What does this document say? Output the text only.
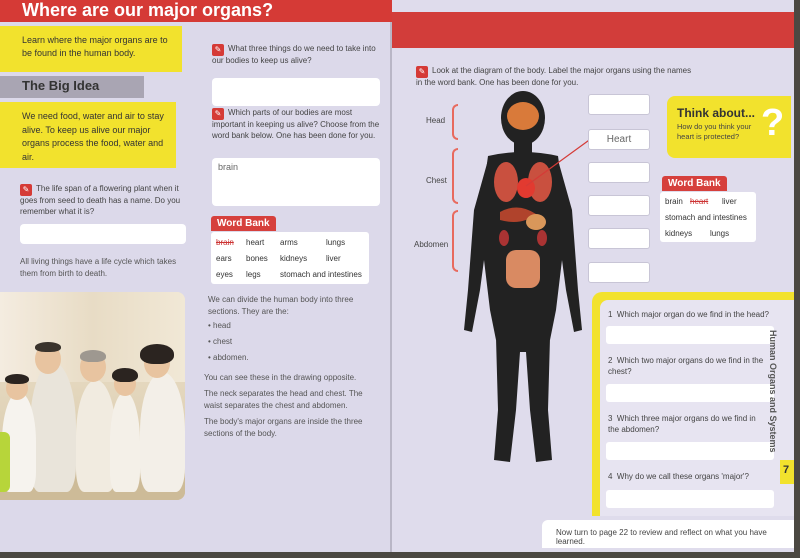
Where are our major organs?
Learn where the major organs are to be found in the human body.
The Big Idea
We need food, water and air to stay alive. To keep us alive our major organs process the food, water and air.
✎ The life span of a flowering plant when it goes from seed to death has a name. Do you remember what it is?
All living things have a life cycle which takes them from birth to death.
✎ What three things do we need to take into our bodies to keep us alive?
✎ Which parts of our bodies are most important in keeping us alive? Choose from the word bank below. One has been done for you.
brain
Word Bank
brain heart arms	lungs
ears bones kidneys liver
eyes legs stomach and intestines
We can divide the human body into three sections. They are the:
• head
• chest
• abdomen.
You can see these in the drawing opposite.
The neck separates the head and chest. The waist separates the chest and abdomen.
The body's major organs are inside the three sections of the body.
✎ Look at the diagram of the body. Label the major organs using the names in the word bank. One has been done for you.
Head
Chest
Abdomen
Heart
Think about...
How do you think your heart is protected? ?
Word Bank
brain heart liver
stomach and intestines
kidneys lungs
1 Which major organ do we find in the head?
2 Which two major organs do we find in the chest?
3 Which three major organs do we find in the abdomen?
4 Why do we call these organs 'major'?
Human Organs and Systems
7
Now turn to page 22 to review and reflect on what you have learned.
